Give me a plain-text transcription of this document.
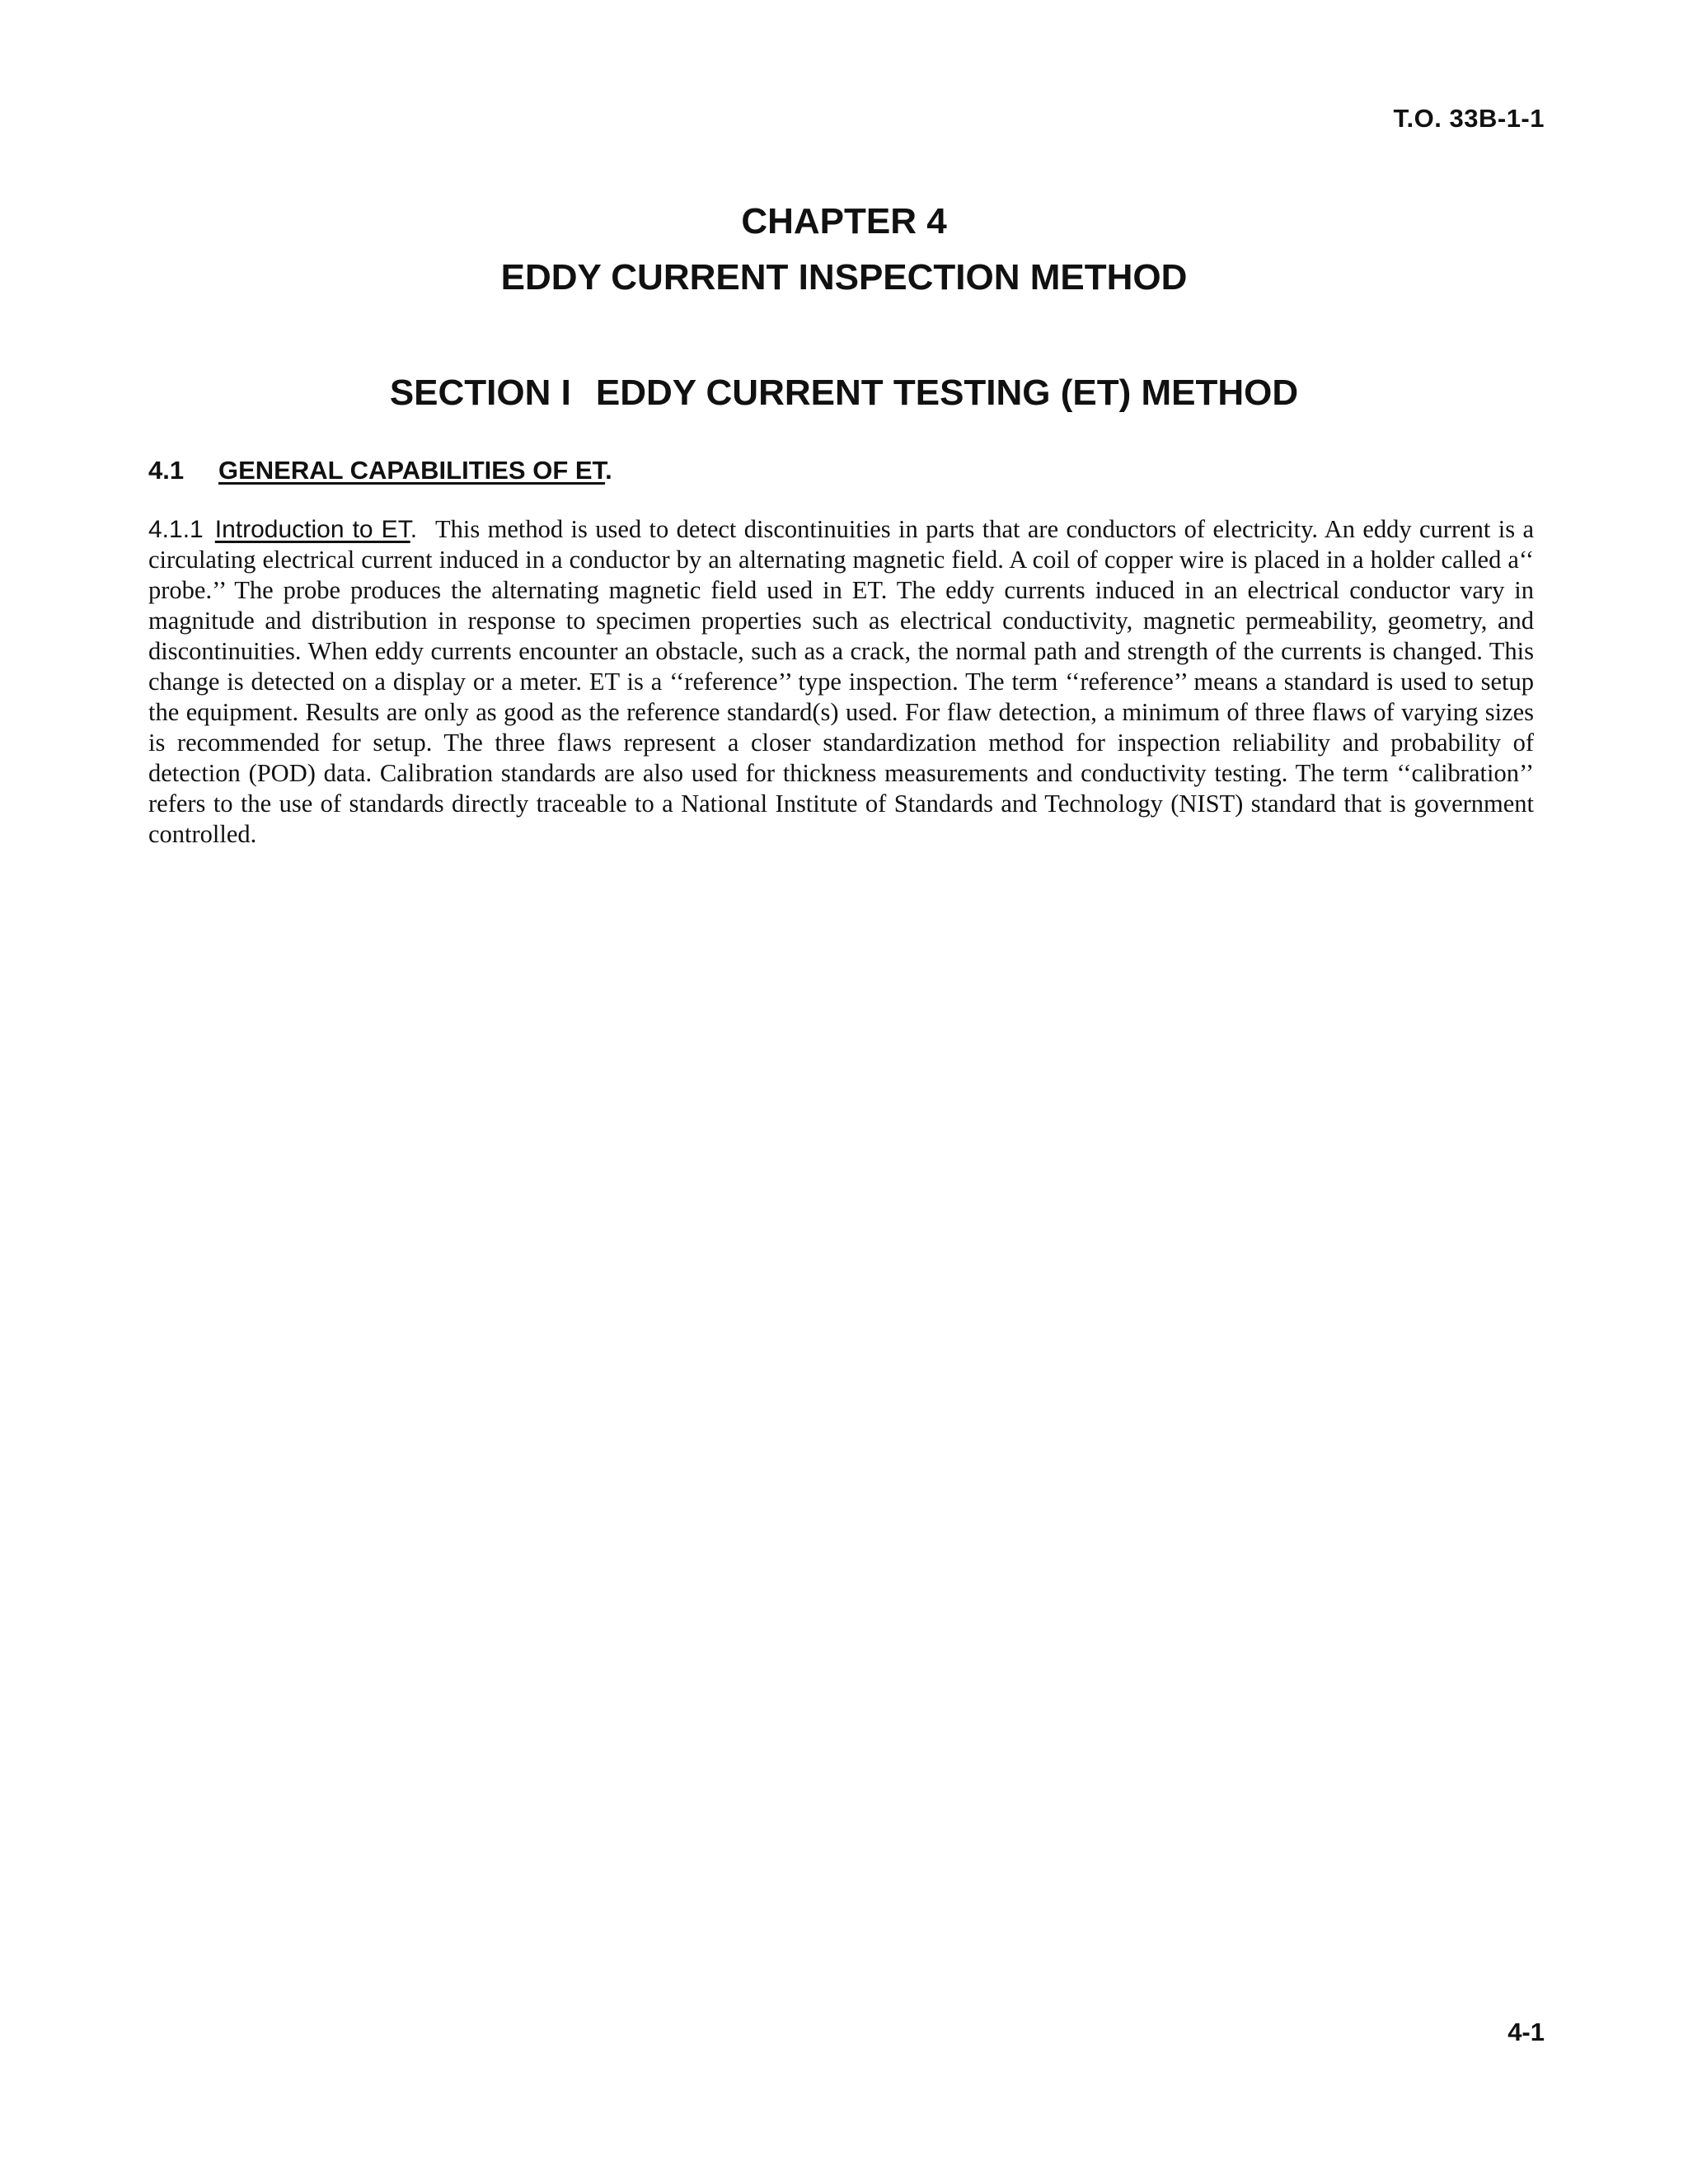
T.O. 33B-1-1
CHAPTER 4
EDDY CURRENT INSPECTION METHOD
SECTION I EDDY CURRENT TESTING (ET) METHOD
4.1 GENERAL CAPABILITIES OF ET.
4.1.1 Introduction to ET. This method is used to detect discontinuities in parts that are conductors of electricity. An eddy current is a circulating electrical current induced in a conductor by an alternating magnetic field. A coil of copper wire is placed in a holder called a‘‘ probe.’’ The probe produces the alternating magnetic field used in ET. The eddy currents induced in an electrical conductor vary in magnitude and distribution in response to specimen properties such as electrical conductivity, magnetic permeability, geometry, and discontinuities. When eddy currents encounter an obstacle, such as a crack, the normal path and strength of the currents is changed. This change is detected on a display or a meter. ET is a ‘‘reference’’ type inspection. The term ‘‘reference’’ means a standard is used to setup the equipment. Results are only as good as the reference standard(s) used. For flaw detection, a minimum of three flaws of varying sizes is recommended for setup. The three flaws represent a closer standardization method for inspection reliability and probability of detection (POD) data. Calibration standards are also used for thickness measurements and conductivity testing. The term ‘‘calibration’’ refers to the use of standards directly traceable to a National Institute of Standards and Technology (NIST) standard that is government controlled.
4-1
